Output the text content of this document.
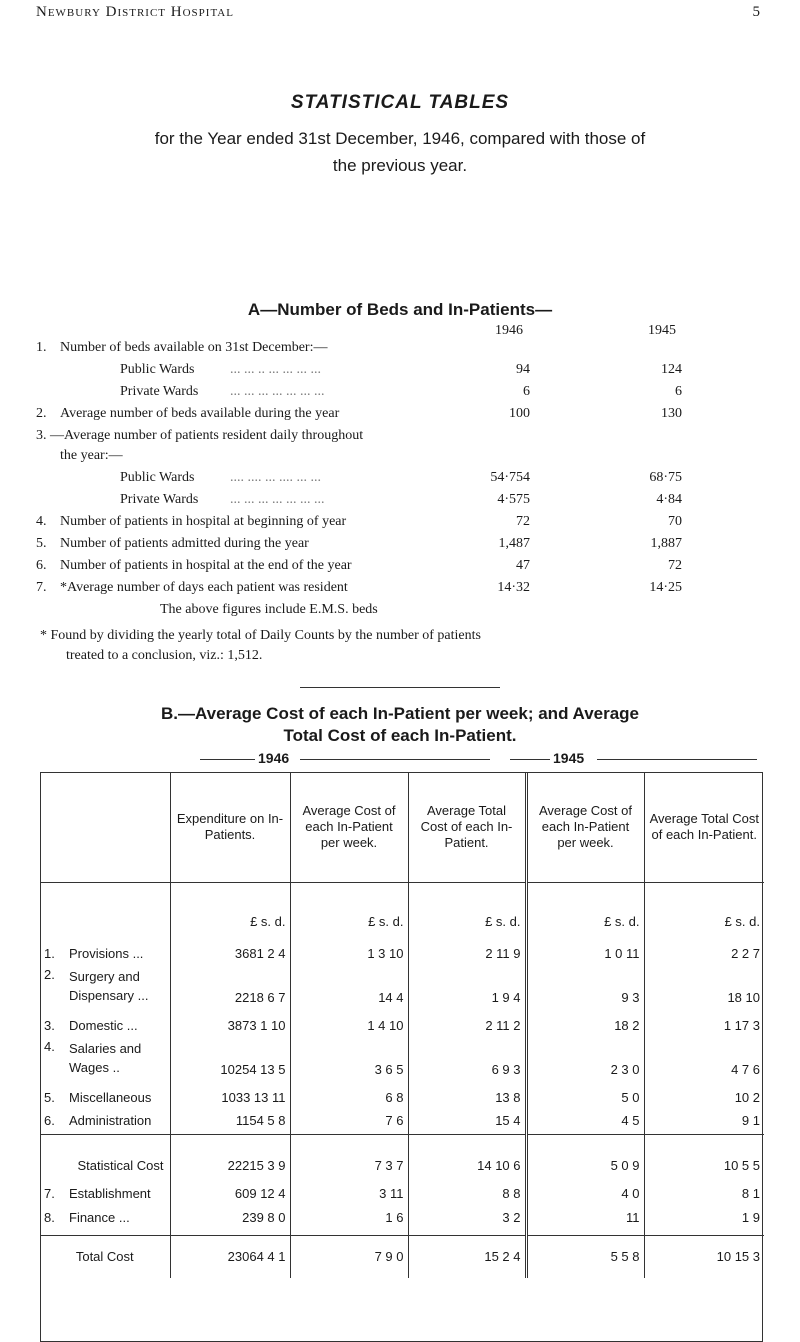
Newbury District Hospital	5
STATISTICAL TABLES
for the Year ended 31st December, 1946, compared with those of the previous year.
A—Number of Beds and In-Patients—
1946	1945
1. Number of beds available on 31st December:—
Public Wards	... ... .. ... ... ... ...	94	124
Private Wards ... ... ... ... ... ... ...	6	6
2. Average number of beds available during the year	100	130
3. —Average number of patients resident daily throughout
the year:—
Public Wards	.... .... ... .... ... ...	54·754	68·75
Private Wards ... ... ... ... ... ... ...	4·575	4·84
4. Number of patients in hospital at beginning of year	72	70
5. Number of patients admitted during the year	1,487	1,887
6. Number of patients in hospital at the end of the year	47	72
7. *Average number of days each patient was resident	14·32	14·25
The above figures include E.M.S. beds
* Found by dividing the yearly total of Daily Counts by the number of patients
treated to a conclusion, viz.: 1,512.
B.—Average Cost of each In-Patient per week; and Average
Total Cost of each In-Patient.
1946	1945
		Expenditure on In-Patients.	Average Cost of each In-Patient per week.	Average Total Cost of each In-Patient.	Average Cost of each In-Patient per week.	Average Total Cost of each In-Patient.
		£ s. d.	£ s. d.	£ s. d.	£ s. d.	£ s. d.
1.	Provisions ...	3681 2 4	1 3 10	2 11 9	1 0 11	2 2 7
2.	Surgery and
Dispensary ...	2218 6 7	14 4	1 9 4	9 3	18 10
3.	Domestic ...	3873 1 10	1 4 10	2 11 2	18 2	1 17 3
4.	Salaries and
Wages ..	10254 13 5	3 6 5	6 9 3	2 3 0	4 7 6
5.	Miscellaneous	1033 13 11	6 8	13 8	5 0	10 2
6.	Administration	1154 5 8	7 6	15 4	4 5	9 1
Statistical Cost		22215 3 9	7 3 7	14 10 6	5 0 9	10 5 5
7.	Establishment	609 12 4	3 11	8 8	4 0	8 1
8.	Finance ...	239 8 0	1 6	3 2	11	1 9
Total Cost		23064 4 1	7 9 0	15 2 4	5 5 8	10 15 3
